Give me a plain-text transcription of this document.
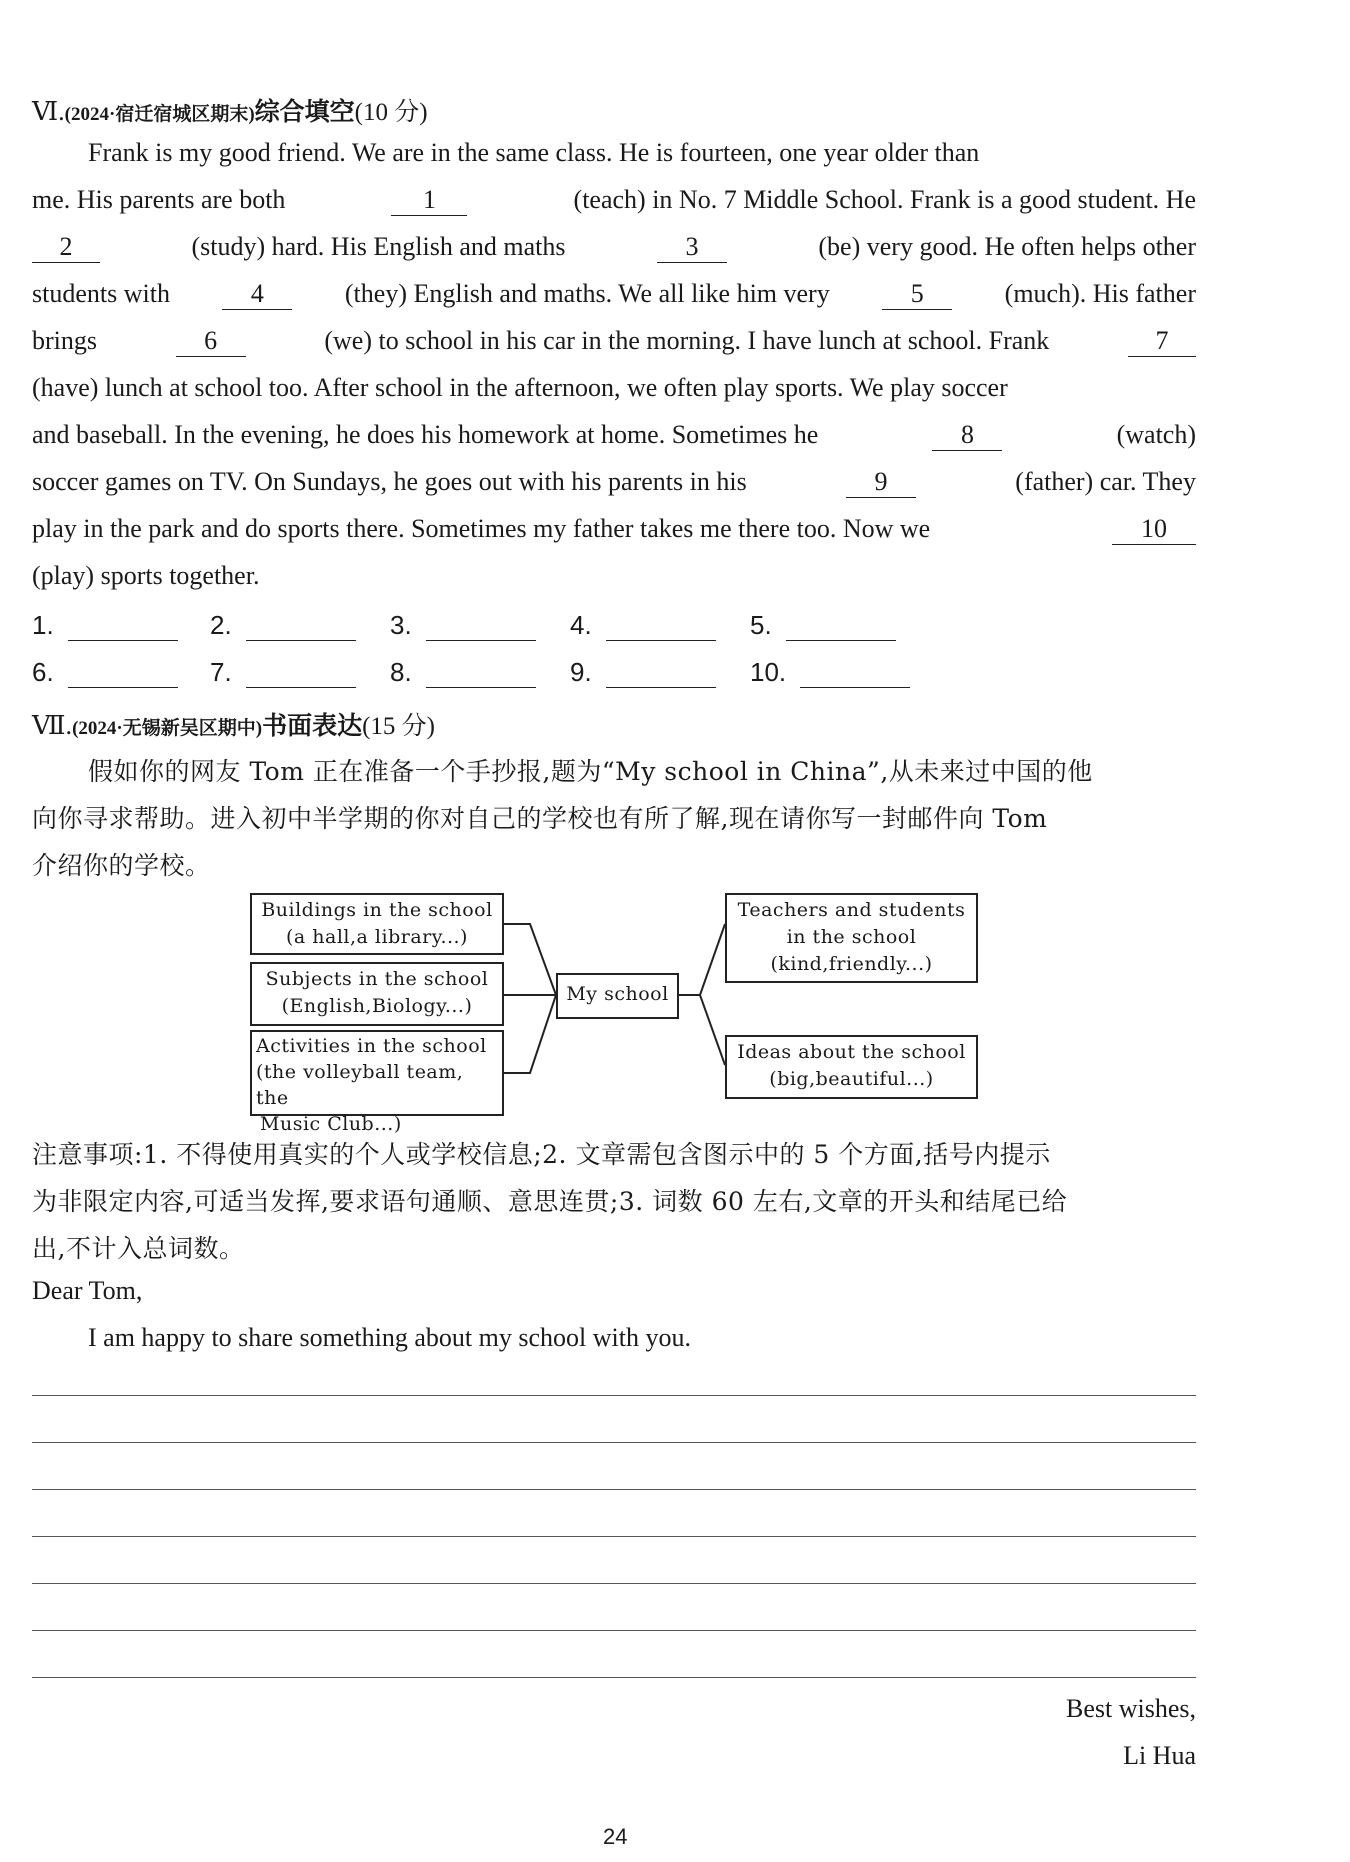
Ⅵ.(2024·宿迁宿城区期末)综合填空(10 分)
Frank is my good friend. We are in the same class. He is fourteen, one year older than
me. His parents are both	1	(teach) in No. 7 Middle School. Frank is a good student. He
2	(study) hard. His English and maths	3	(be) very good. He often helps other
students with	4	(they) English and maths. We all like him very	5	(much). His father
brings	6	(we) to school in his car in the morning. I have lunch at school. Frank	7
(have) lunch at school too. After school in the afternoon, we often play sports. We play soccer
and baseball. In the evening, he does his homework at home. Sometimes he	8	(watch)
soccer games on TV. On Sundays, he goes out with his parents in his	9	(father) car. They
play in the park and do sports there. Sometimes my father takes me there too. Now we	10
(play) sports together.
1.	2.	3.	4.	5.
6.	7.	8.	9.	10.
Ⅶ.(2024·无锡新吴区期中)书面表达(15 分)
假如你的网友 Tom 正在准备一个手抄报,题为“My school in China”,从未来过中国的他
向你寻求帮助。进入初中半学期的你对自己的学校也有所了解,现在请你写一封邮件向 Tom
介绍你的学校。
Buildings in the school
(a hall,a library...)
Subjects in the school
(English,Biology...)
Activities in the school
(the volleyball team, the
Music Club...)
My school
Teachers and students
in the school
(kind,friendly...)
Ideas about the school
(big,beautiful...)
注意事项:1. 不得使用真实的个人或学校信息;2. 文章需包含图示中的 5 个方面,括号内提示
为非限定内容,可适当发挥,要求语句通顺、意思连贯;3. 词数 60 左右,文章的开头和结尾已给
出,不计入总词数。
Dear Tom,
I am happy to share something about my school with you.
Best wishes,
Li Hua
24
